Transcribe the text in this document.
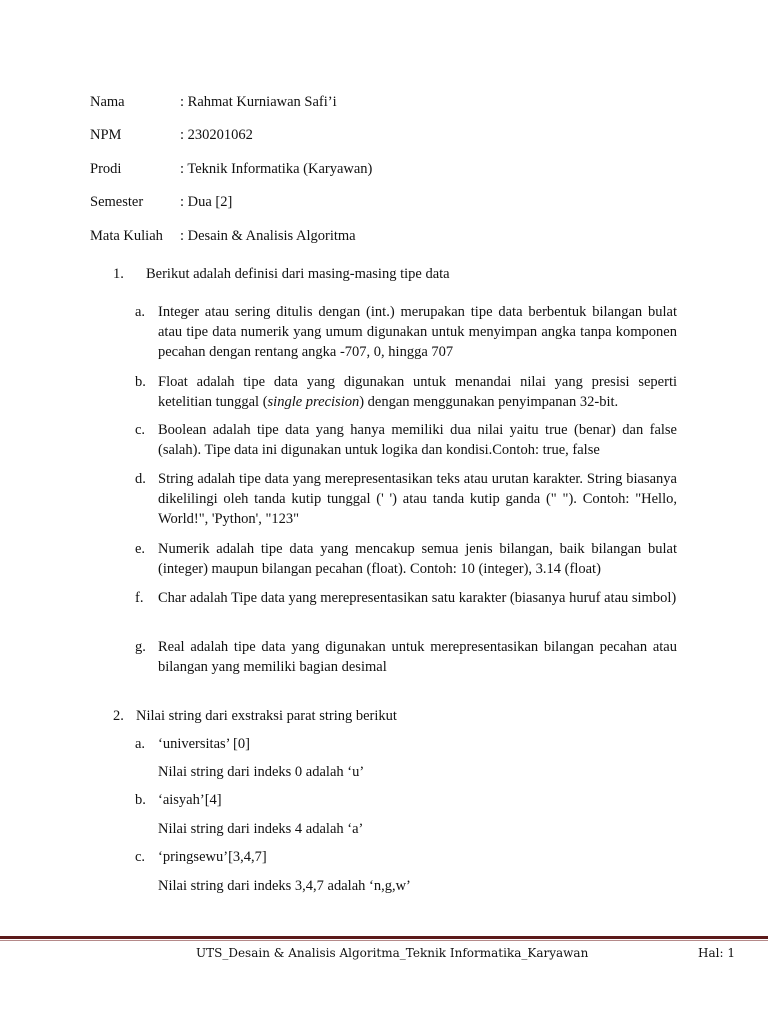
Nama	: Rahmat Kurniawan Safi’i
NPM	: 230201062
Prodi	: Teknik Informatika (Karyawan)
Semester	: Dua [2]
Mata Kuliah : Desain & Analisis Algoritma
1. Berikut adalah definisi dari masing-masing tipe data
a. Integer atau sering ditulis dengan (int.) merupakan tipe data berbentuk bilangan bulat atau tipe data numerik yang umum digunakan untuk menyimpan angka tanpa komponen pecahan dengan rentang angka -707, 0, hingga 707
b. Float adalah tipe data yang digunakan untuk menandai nilai yang presisi seperti ketelitian tunggal (single precision) dengan menggunakan penyimpanan 32-bit.
c. Boolean adalah tipe data yang hanya memiliki dua nilai yaitu true (benar) dan false (salah). Tipe data ini digunakan untuk logika dan kondisi.Contoh: true, false
d. String adalah tipe data yang merepresentasikan teks atau urutan karakter. String biasanya dikelilingi oleh tanda kutip tunggal (' ') atau tanda kutip ganda (" "). Contoh: "Hello, World!", 'Python', "123"
e. Numerik adalah tipe data yang mencakup semua jenis bilangan, baik bilangan bulat (integer) maupun bilangan pecahan (float). Contoh: 10 (integer), 3.14 (float)
f. Char adalah Tipe data yang merepresentasikan satu karakter (biasanya huruf atau simbol)
g. Real adalah tipe data yang digunakan untuk merepresentasikan bilangan pecahan atau bilangan yang memiliki bagian desimal
2. Nilai string dari exstraksi parat string berikut
a. ‘universitas’ [0]
Nilai string dari indeks 0 adalah ‘u’
b. ‘aisyah’[4]
Nilai string dari indeks 4 adalah ‘a’
c. ‘pringsewu’[3,4,7]
Nilai string dari indeks 3,4,7 adalah ‘n,g,w’
UTS_Desain & Analisis Algoritma_Teknik Informatika_Karyawan	Hal: 1
